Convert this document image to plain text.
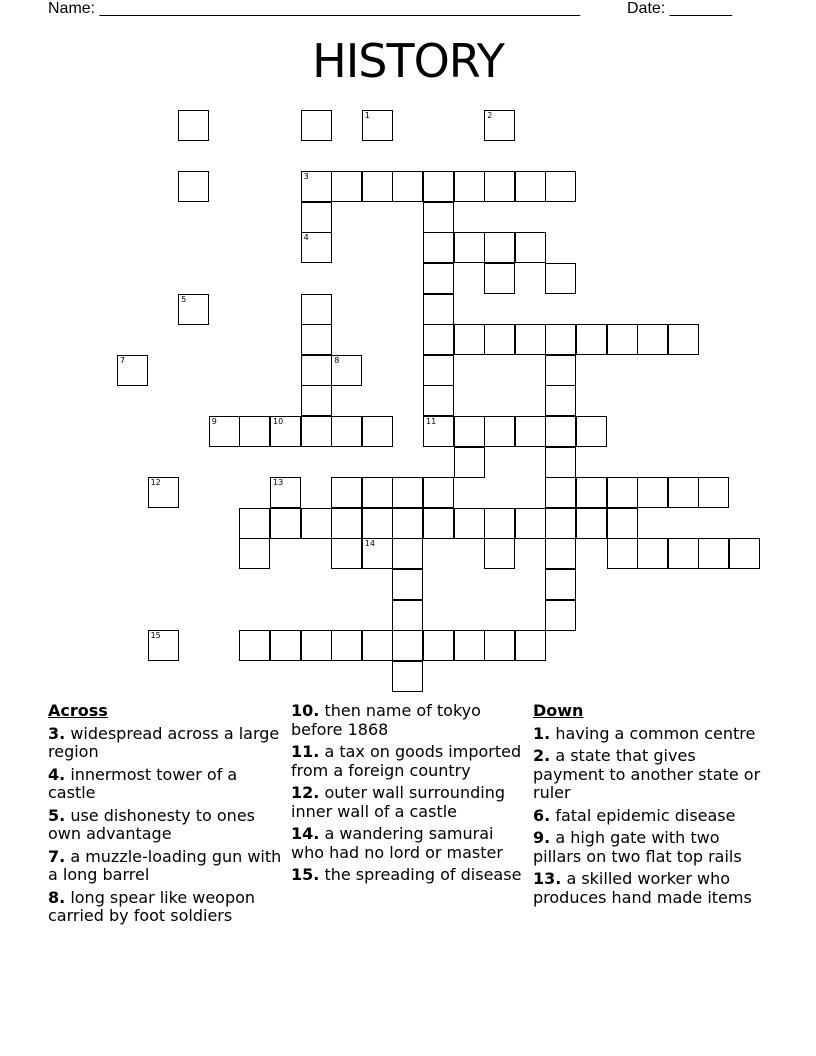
Name: ______________________________________________________	Date: _______
HISTORY
3
4
9	10
1	2
5
7	8
11
12	13
14
15
Across
3. widespread across a large region
4. innermost tower of a castle
5. use dishonesty to ones own advantage
7. a muzzle-loading gun with a long barrel
8. long spear like weopon carried by foot soldiers
10. then name of tokyo before 1868
11. a tax on goods imported from a foreign country
12. outer wall surrounding inner wall of a castle
14. a wandering samurai who had no lord or master
15. the spreading of disease
Down
1. having a common centre
2. a state that gives payment to another state or ruler
6. fatal epidemic disease
9. a high gate with two pillars on two flat top rails
13. a skilled worker who produces hand made items
